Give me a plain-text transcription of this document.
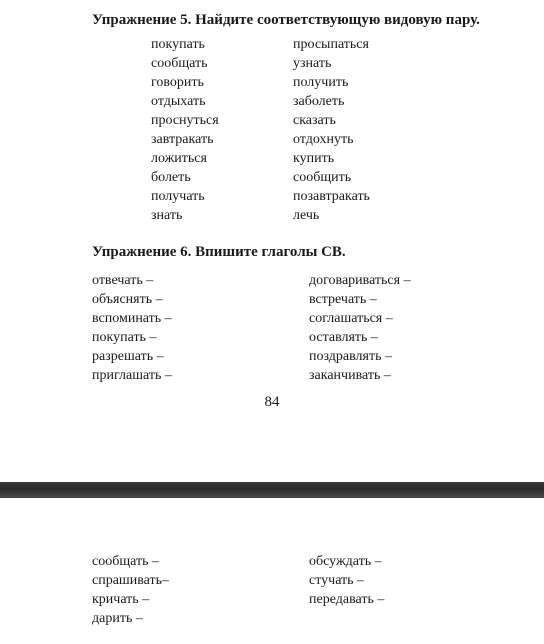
Упражнение 5. Найдите соответствующую видовую пару.
покупать
сообщать
говорить
отдыхать
проснуться
завтракать
ложиться
болеть
получать
знать
просыпаться
узнать
получить
заболеть
сказать
отдохнуть
купить
сообщить
позавтракать
лечь
Упражнение 6. Впишите глаголы СВ.
отвечать –
объяснять –
вспоминать –
покупать –
разрешать –
приглашать –
договариваться –
встречать –
соглашаться –
оставлять –
поздравлять –
заканчивать –
84
сообщать –
спрашивать–
кричать –
дарить –
обсуждать –
стучать –
передавать –
